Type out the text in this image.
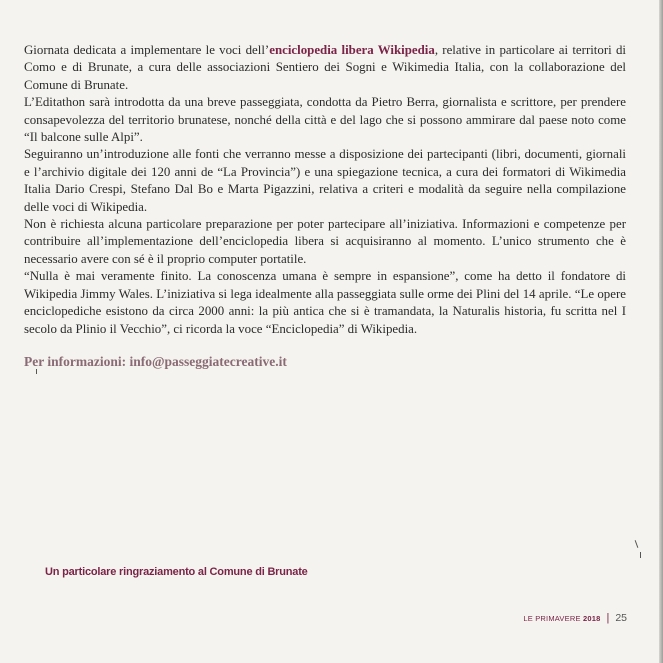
Giornata dedicata a implementare le voci dell’enciclopedia libera Wikipedia, relative in particolare ai territori di Como e di Brunate, a cura delle associazioni Sentiero dei Sogni e Wikimedia Italia, con la collaborazione del Comune di Brunate.

L’Editathon sarà introdotta da una breve passeggiata, condotta da Pietro Berra, giornalista e scrittore, per prendere consapevolezza del territorio brunatese, nonché della città e del lago che si possono ammirare dal paese noto come “Il balcone sulle Alpi”.

Seguiranno un’introduzione alle fonti che verranno messe a disposizione dei partecipanti (libri, documenti, giornali e l’archivio digitale dei 120 anni de “La Provincia”) e una spiegazione tecnica, a cura dei formatori di Wikimedia Italia Dario Crespi, Stefano Dal Bo e Marta Pigazzini, relativa a criteri e modalità da seguire nella compilazione delle voci di Wikipedia.

Non è richiesta alcuna particolare preparazione per poter partecipare all’iniziativa. Informazioni e competenze per contribuire all’implementazione dell’enciclopedia libera si acquisiranno al momento. L’unico strumento che è necessario avere con sé è il proprio computer portatile.

“Nulla è mai veramente finito. La conoscenza umana è sempre in espansione”, come ha detto il fondatore di Wikipedia Jimmy Wales. L’iniziativa si lega idealmente alla passeggiata sulle orme dei Plini del 14 aprile. “Le opere enciclopediche esistono da circa 2000 anni: la più antica che si è tramandata, la Naturalis historia, fu scritta nel I secolo da Plinio il Vecchio”, ci ricorda la voce “Enciclopedia” di Wikipedia.

Per informazioni: info@passeggiatecreative.it
Un particolare ringraziamento al Comune di Brunate
LE PRIMAVERE 2018 | 25
